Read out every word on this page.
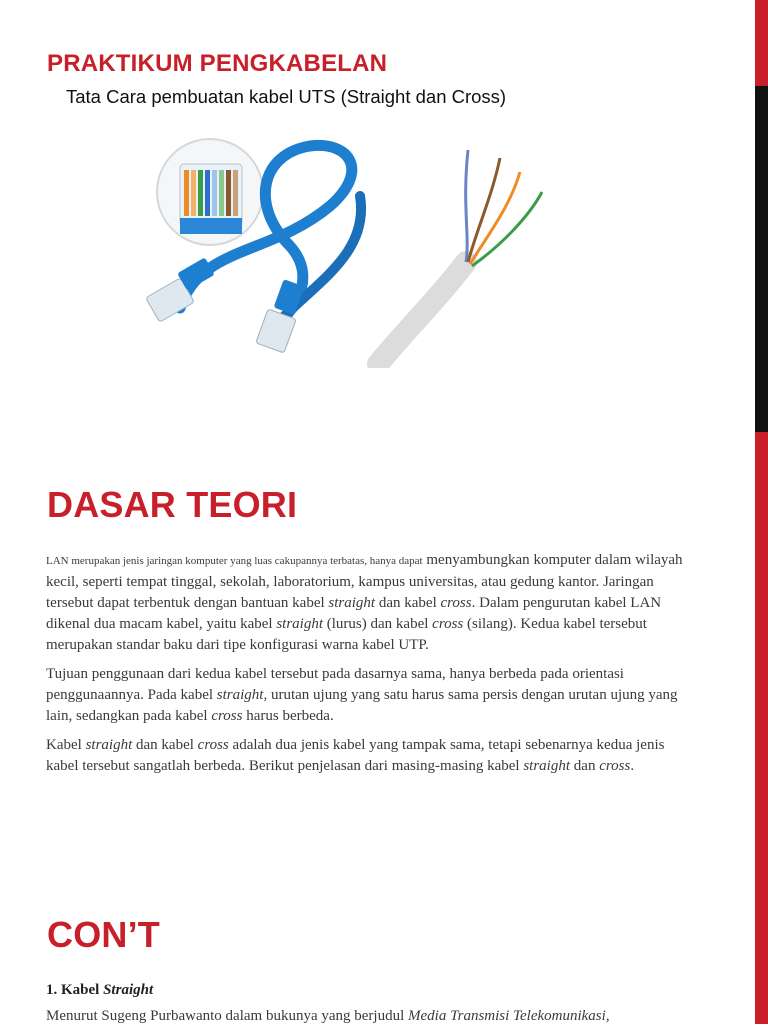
PRAKTIKUM PENGKABELAN
Tata Cara pembuatan kabel UTS (Straight dan Cross)
DASAR TEORI

LAN merupakan jenis jaringan komputer yang luas cakupannya terbatas, hanya dapat menyambungkan komputer dalam wilayah kecil, seperti tempat tinggal, sekolah, laboratorium, kampus universitas, atau gedung kantor. Jaringan tersebut dapat terbentuk dengan bantuan kabel straight dan kabel cross. Dalam pengurutan kabel LAN dikenal dua macam kabel, yaitu kabel straight (lurus) dan kabel cross (silang). Kedua kabel tersebut merupakan standar baku dari tipe konfigurasi warna kabel UTP.

Tujuan penggunaan dari kedua kabel tersebut pada dasarnya sama, hanya berbeda pada orientasi penggunaannya. Pada kabel straight, urutan ujung yang satu harus sama persis dengan urutan ujung yang lain, sedangkan pada kabel cross harus berbeda.

Kabel straight dan kabel cross adalah dua jenis kabel yang tampak sama, tetapi sebenarnya kedua jenis kabel tersebut sangatlah berbeda. Berikut penjelasan dari masing-masing kabel straight dan cross.

CON’T

1. Kabel Straight

Menurut Sugeng Purbawanto dalam bukunya yang berjudul Media Transmisi Telekomunikasi,
